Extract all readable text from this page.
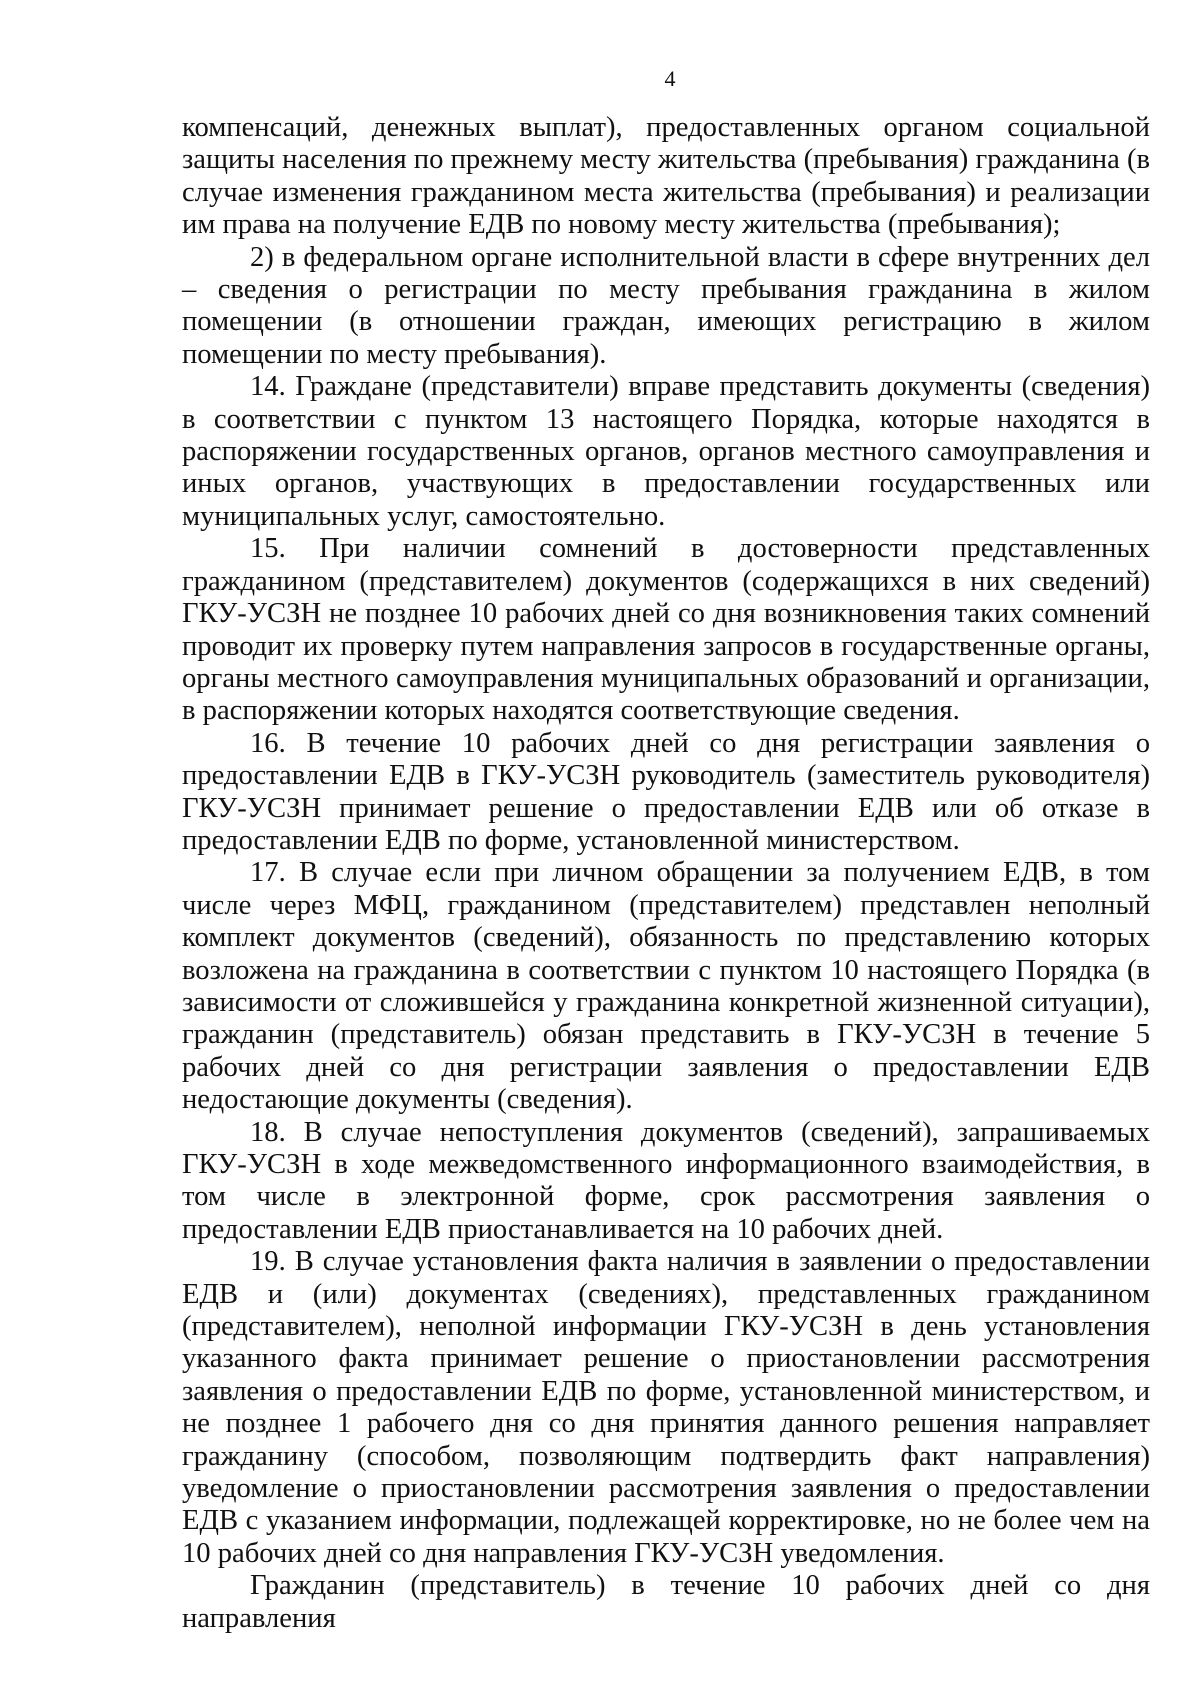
4

компенсаций, денежных выплат), предоставленных органом социальной защиты населения по прежнему месту жительства (пребывания) гражданина (в случае изменения гражданином места жительства (пребывания) и реализации им права на получение ЕДВ по новому месту жительства (пребывания);

2) в федеральном органе исполнительной власти в сфере внутренних дел – сведения о регистрации по месту пребывания гражданина в жилом помещении (в отношении граждан, имеющих регистрацию в жилом помещении по месту пребывания).

14. Граждане (представители) вправе представить документы (сведения) в соответствии с пунктом 13 настоящего Порядка, которые находятся в распоряжении государственных органов, органов местного самоуправления и иных органов, участвующих в предоставлении государственных или муниципальных услуг, самостоятельно.

15. При наличии сомнений в достоверности представленных гражданином (представителем) документов (содержащихся в них сведений) ГКУ-УСЗН не позднее 10 рабочих дней со дня возникновения таких сомнений проводит их проверку путем направления запросов в государственные органы, органы местного самоуправления муниципальных образований и организации, в распоряжении которых находятся соответствующие сведения.

16. В течение 10 рабочих дней со дня регистрации заявления о предоставлении ЕДВ в ГКУ-УСЗН руководитель (заместитель руководителя) ГКУ-УСЗН принимает решение о предоставлении ЕДВ или об отказе в предоставлении ЕДВ по форме, установленной министерством.

17. В случае если при личном обращении за получением ЕДВ, в том числе через МФЦ, гражданином (представителем) представлен неполный комплект документов (сведений), обязанность по представлению которых возложена на гражданина в соответствии с пунктом 10 настоящего Порядка (в зависимости от сложившейся у гражданина конкретной жизненной ситуации), гражданин (представитель) обязан представить в ГКУ-УСЗН в течение 5 рабочих дней со дня регистрации заявления о предоставлении ЕДВ недостающие документы (сведения).

18. В случае непоступления документов (сведений), запрашиваемых ГКУ-УСЗН в ходе межведомственного информационного взаимодействия, в том числе в электронной форме, срок рассмотрения заявления о предоставлении ЕДВ приостанавливается на 10 рабочих дней.

19. В случае установления факта наличия в заявлении о предоставлении ЕДВ и (или) документах (сведениях), представленных гражданином (представителем), неполной информации ГКУ-УСЗН в день установления указанного факта принимает решение о приостановлении рассмотрения заявления о предоставлении ЕДВ по форме, установленной министерством, и не позднее 1 рабочего дня со дня принятия данного решения направляет гражданину (способом, позволяющим подтвердить факт направления) уведомление о приостановлении рассмотрения заявления о предоставлении ЕДВ с указанием информации, подлежащей корректировке, но не более чем на 10 рабочих дней со дня направления ГКУ-УСЗН уведомления.

Гражданин (представитель) в течение 10 рабочих дней со дня направления
